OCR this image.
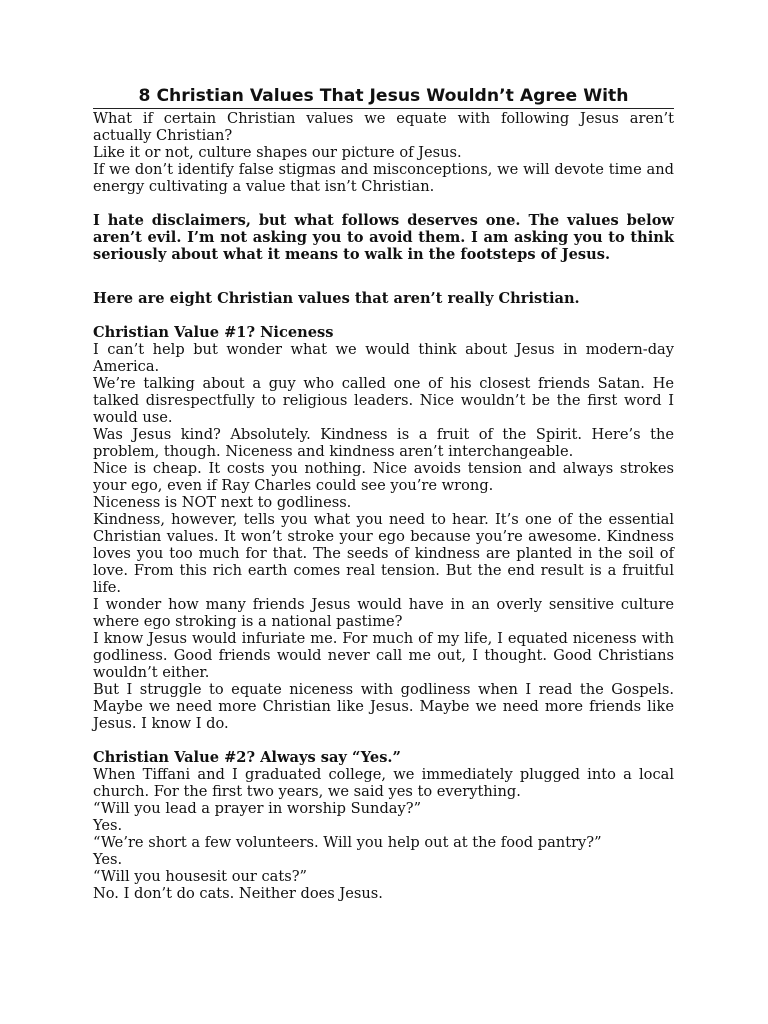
8 Christian Values That Jesus Wouldn’t Agree With

What if certain Christian values we equate with following Jesus aren’t actually Christian?

Like it or not, culture shapes our picture of Jesus.

If we don’t identify false stigmas and misconceptions, we will devote time and energy cultivating a value that isn’t Christian.

I hate disclaimers, but what follows deserves one. The values below aren’t evil. I’m not asking you to avoid them. I am asking you to think seriously about what it means to walk in the footsteps of Jesus.

Here are eight Christian values that aren’t really Christian.

Christian Value #1? Niceness

I can’t help but wonder what we would think about Jesus in modern-day America.

We’re talking about a guy who called one of his closest friends Satan. He talked disrespectfully to religious leaders. Nice wouldn’t be the first word I would use.

Was Jesus kind? Absolutely. Kindness is a fruit of the Spirit. Here’s the problem, though. Niceness and kindness aren’t interchangeable.

Nice is cheap. It costs you nothing. Nice avoids tension and always strokes your ego, even if Ray Charles could see you’re wrong.

Niceness is NOT next to godliness.

Kindness, however, tells you what you need to hear. It’s one of the essential Christian values. It won’t stroke your ego because you’re awesome. Kindness loves you too much for that. The seeds of kindness are planted in the soil of love. From this rich earth comes real tension. But the end result is a fruitful life.

I wonder how many friends Jesus would have in an overly sensitive culture where ego stroking is a national pastime?

I know Jesus would infuriate me. For much of my life, I equated niceness with godliness. Good friends would never call me out, I thought. Good Christians wouldn’t either.

But I struggle to equate niceness with godliness when I read the Gospels. Maybe we need more Christian like Jesus. Maybe we need more friends like Jesus. I know I do.

Christian Value #2? Always say “Yes.”

When Tiffani and I graduated college, we immediately plugged into a local church. For the first two years, we said yes to everything.

“Will you lead a prayer in worship Sunday?”

Yes.

“We’re short a few volunteers. Will you help out at the food pantry?”

Yes.

“Will you housesit our cats?”

No. I don’t do cats. Neither does Jesus.
